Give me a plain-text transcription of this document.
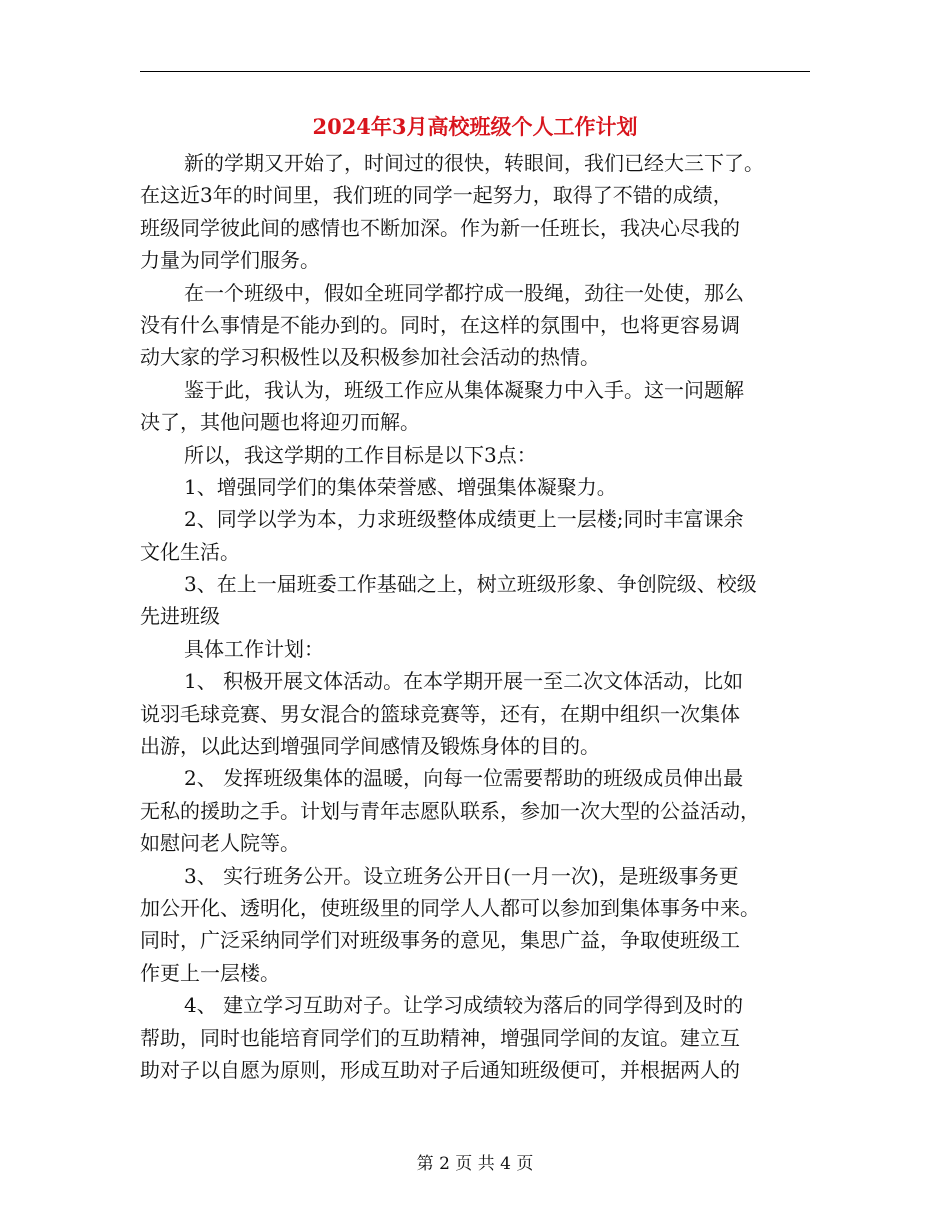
2024年3月高校班级个人工作计划
新的学期又开始了，时间过的很快，转眼间，我们已经大三下了。
在这近3年的时间里，我们班的同学一起努力，取得了不错的成绩，
班级同学彼此间的感情也不断加深。作为新一任班长，我决心尽我的
力量为同学们服务。
在一个班级中，假如全班同学都拧成一股绳，劲往一处使，那么
没有什么事情是不能办到的。同时，在这样的氛围中，也将更容易调
动大家的学习积极性以及积极参加社会活动的热情。
鉴于此，我认为，班级工作应从集体凝聚力中入手。这一问题解
决了，其他问题也将迎刃而解。
所以，我这学期的工作目标是以下3点：
1、增强同学们的集体荣誉感、增强集体凝聚力。
2、同学以学为本，力求班级整体成绩更上一层楼;同时丰富课余
文化生活。
3、在上一届班委工作基础之上，树立班级形象、争创院级、校级
先进班级
具体工作计划：
1、 积极开展文体活动。在本学期开展一至二次文体活动，比如
说羽毛球竞赛、男女混合的篮球竞赛等，还有，在期中组织一次集体
出游，以此达到增强同学间感情及锻炼身体的目的。
2、 发挥班级集体的温暖，向每一位需要帮助的班级成员伸出最
无私的援助之手。计划与青年志愿队联系，参加一次大型的公益活动，
如慰问老人院等。
3、 实行班务公开。设立班务公开日(一月一次)，是班级事务更
加公开化、透明化，使班级里的同学人人都可以参加到集体事务中来。
同时，广泛采纳同学们对班级事务的意见，集思广益，争取使班级工
作更上一层楼。
4、 建立学习互助对子。让学习成绩较为落后的同学得到及时的
帮助，同时也能培育同学们的互助精神，增强同学间的友谊。建立互
助对子以自愿为原则，形成互助对子后通知班级便可，并根据两人的
第 2 页 共 4 页
